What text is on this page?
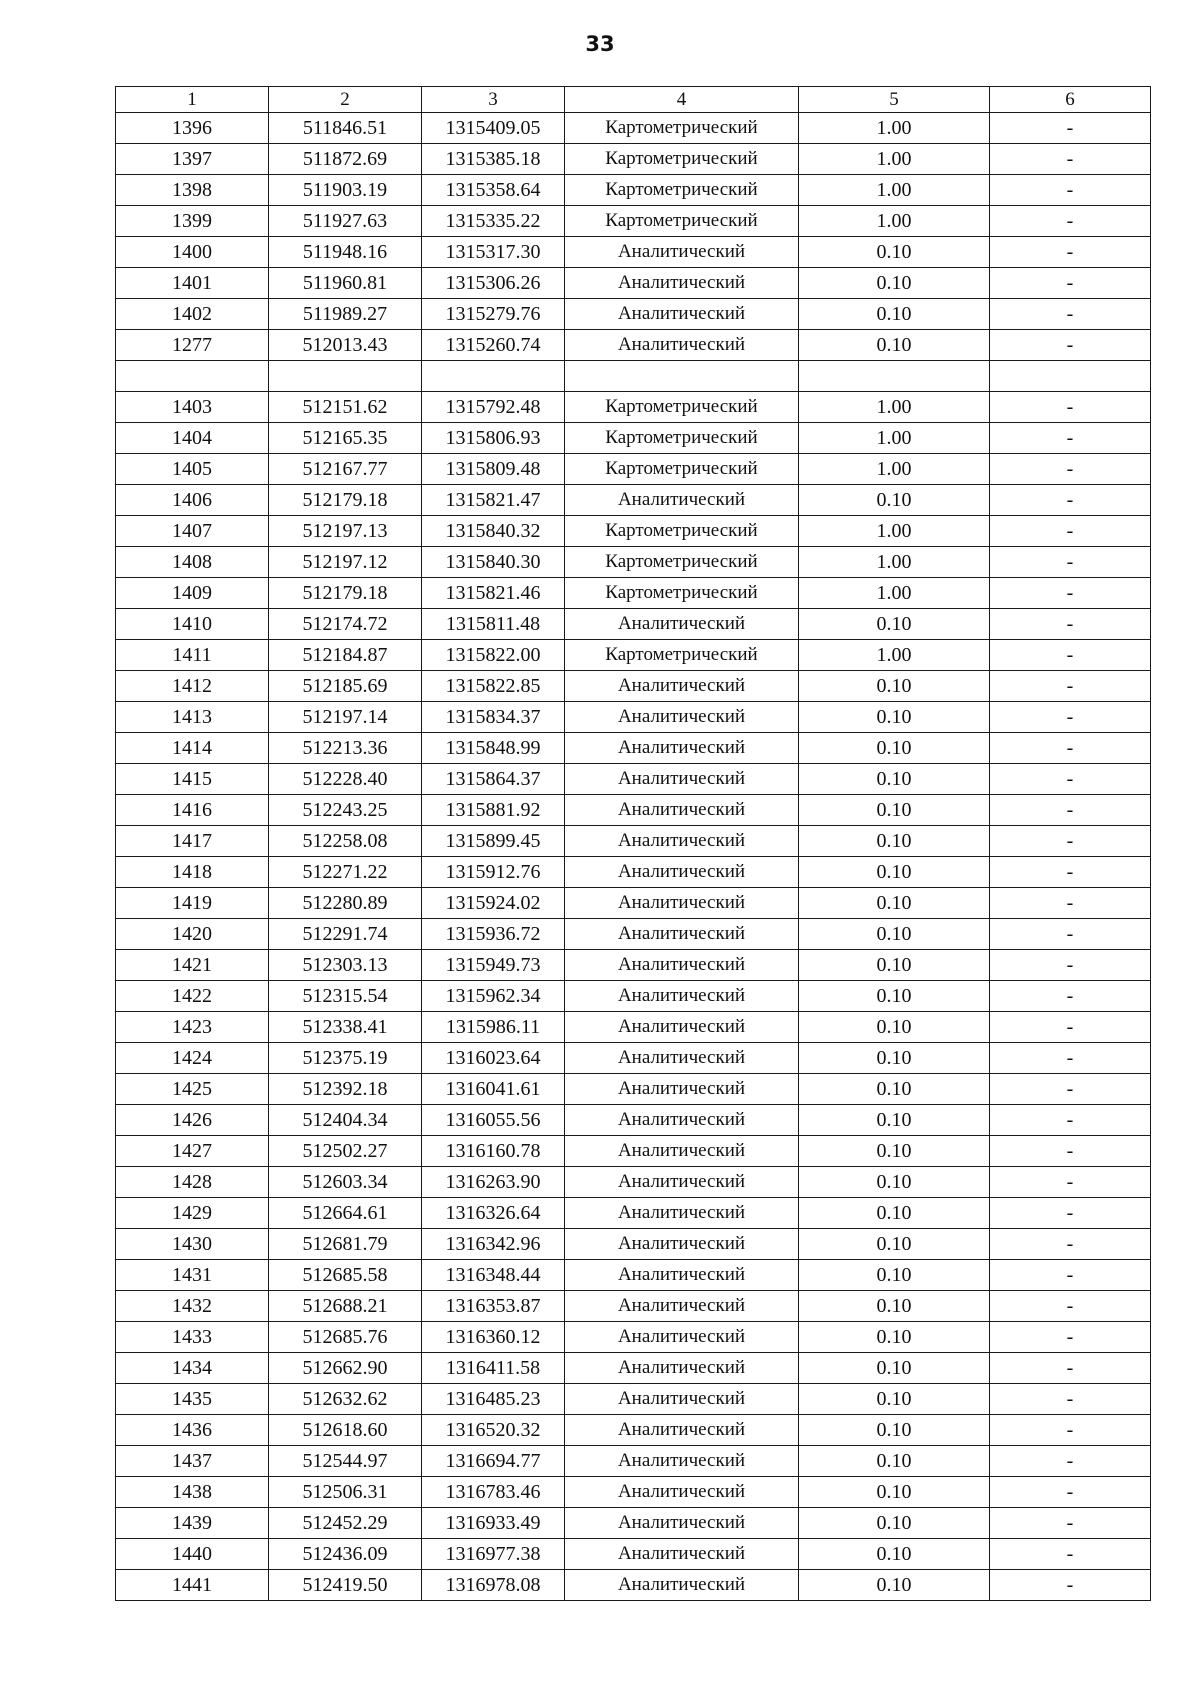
33
1	2	3	4	5	6
1396	511846.51	1315409.05	Картометрический	1.00	-
1397	511872.69	1315385.18	Картометрический	1.00	-
1398	511903.19	1315358.64	Картометрический	1.00	-
1399	511927.63	1315335.22	Картометрический	1.00	-
1400	511948.16	1315317.30	Аналитический	0.10	-
1401	511960.81	1315306.26	Аналитический	0.10	-
1402	511989.27	1315279.76	Аналитический	0.10	-
1277	512013.43	1315260.74	Аналитический	0.10	-

1403	512151.62	1315792.48	Картометрический	1.00	-
1404	512165.35	1315806.93	Картометрический	1.00	-
1405	512167.77	1315809.48	Картометрический	1.00	-
1406	512179.18	1315821.47	Аналитический	0.10	-
1407	512197.13	1315840.32	Картометрический	1.00	-
1408	512197.12	1315840.30	Картометрический	1.00	-
1409	512179.18	1315821.46	Картометрический	1.00	-
1410	512174.72	1315811.48	Аналитический	0.10	-
1411	512184.87	1315822.00	Картометрический	1.00	-
1412	512185.69	1315822.85	Аналитический	0.10	-
1413	512197.14	1315834.37	Аналитический	0.10	-
1414	512213.36	1315848.99	Аналитический	0.10	-
1415	512228.40	1315864.37	Аналитический	0.10	-
1416	512243.25	1315881.92	Аналитический	0.10	-
1417	512258.08	1315899.45	Аналитический	0.10	-
1418	512271.22	1315912.76	Аналитический	0.10	-
1419	512280.89	1315924.02	Аналитический	0.10	-
1420	512291.74	1315936.72	Аналитический	0.10	-
1421	512303.13	1315949.73	Аналитический	0.10	-
1422	512315.54	1315962.34	Аналитический	0.10	-
1423	512338.41	1315986.11	Аналитический	0.10	-
1424	512375.19	1316023.64	Аналитический	0.10	-
1425	512392.18	1316041.61	Аналитический	0.10	-
1426	512404.34	1316055.56	Аналитический	0.10	-
1427	512502.27	1316160.78	Аналитический	0.10	-
1428	512603.34	1316263.90	Аналитический	0.10	-
1429	512664.61	1316326.64	Аналитический	0.10	-
1430	512681.79	1316342.96	Аналитический	0.10	-
1431	512685.58	1316348.44	Аналитический	0.10	-
1432	512688.21	1316353.87	Аналитический	0.10	-
1433	512685.76	1316360.12	Аналитический	0.10	-
1434	512662.90	1316411.58	Аналитический	0.10	-
1435	512632.62	1316485.23	Аналитический	0.10	-
1436	512618.60	1316520.32	Аналитический	0.10	-
1437	512544.97	1316694.77	Аналитический	0.10	-
1438	512506.31	1316783.46	Аналитический	0.10	-
1439	512452.29	1316933.49	Аналитический	0.10	-
1440	512436.09	1316977.38	Аналитический	0.10	-
1441	512419.50	1316978.08	Аналитический	0.10	-
